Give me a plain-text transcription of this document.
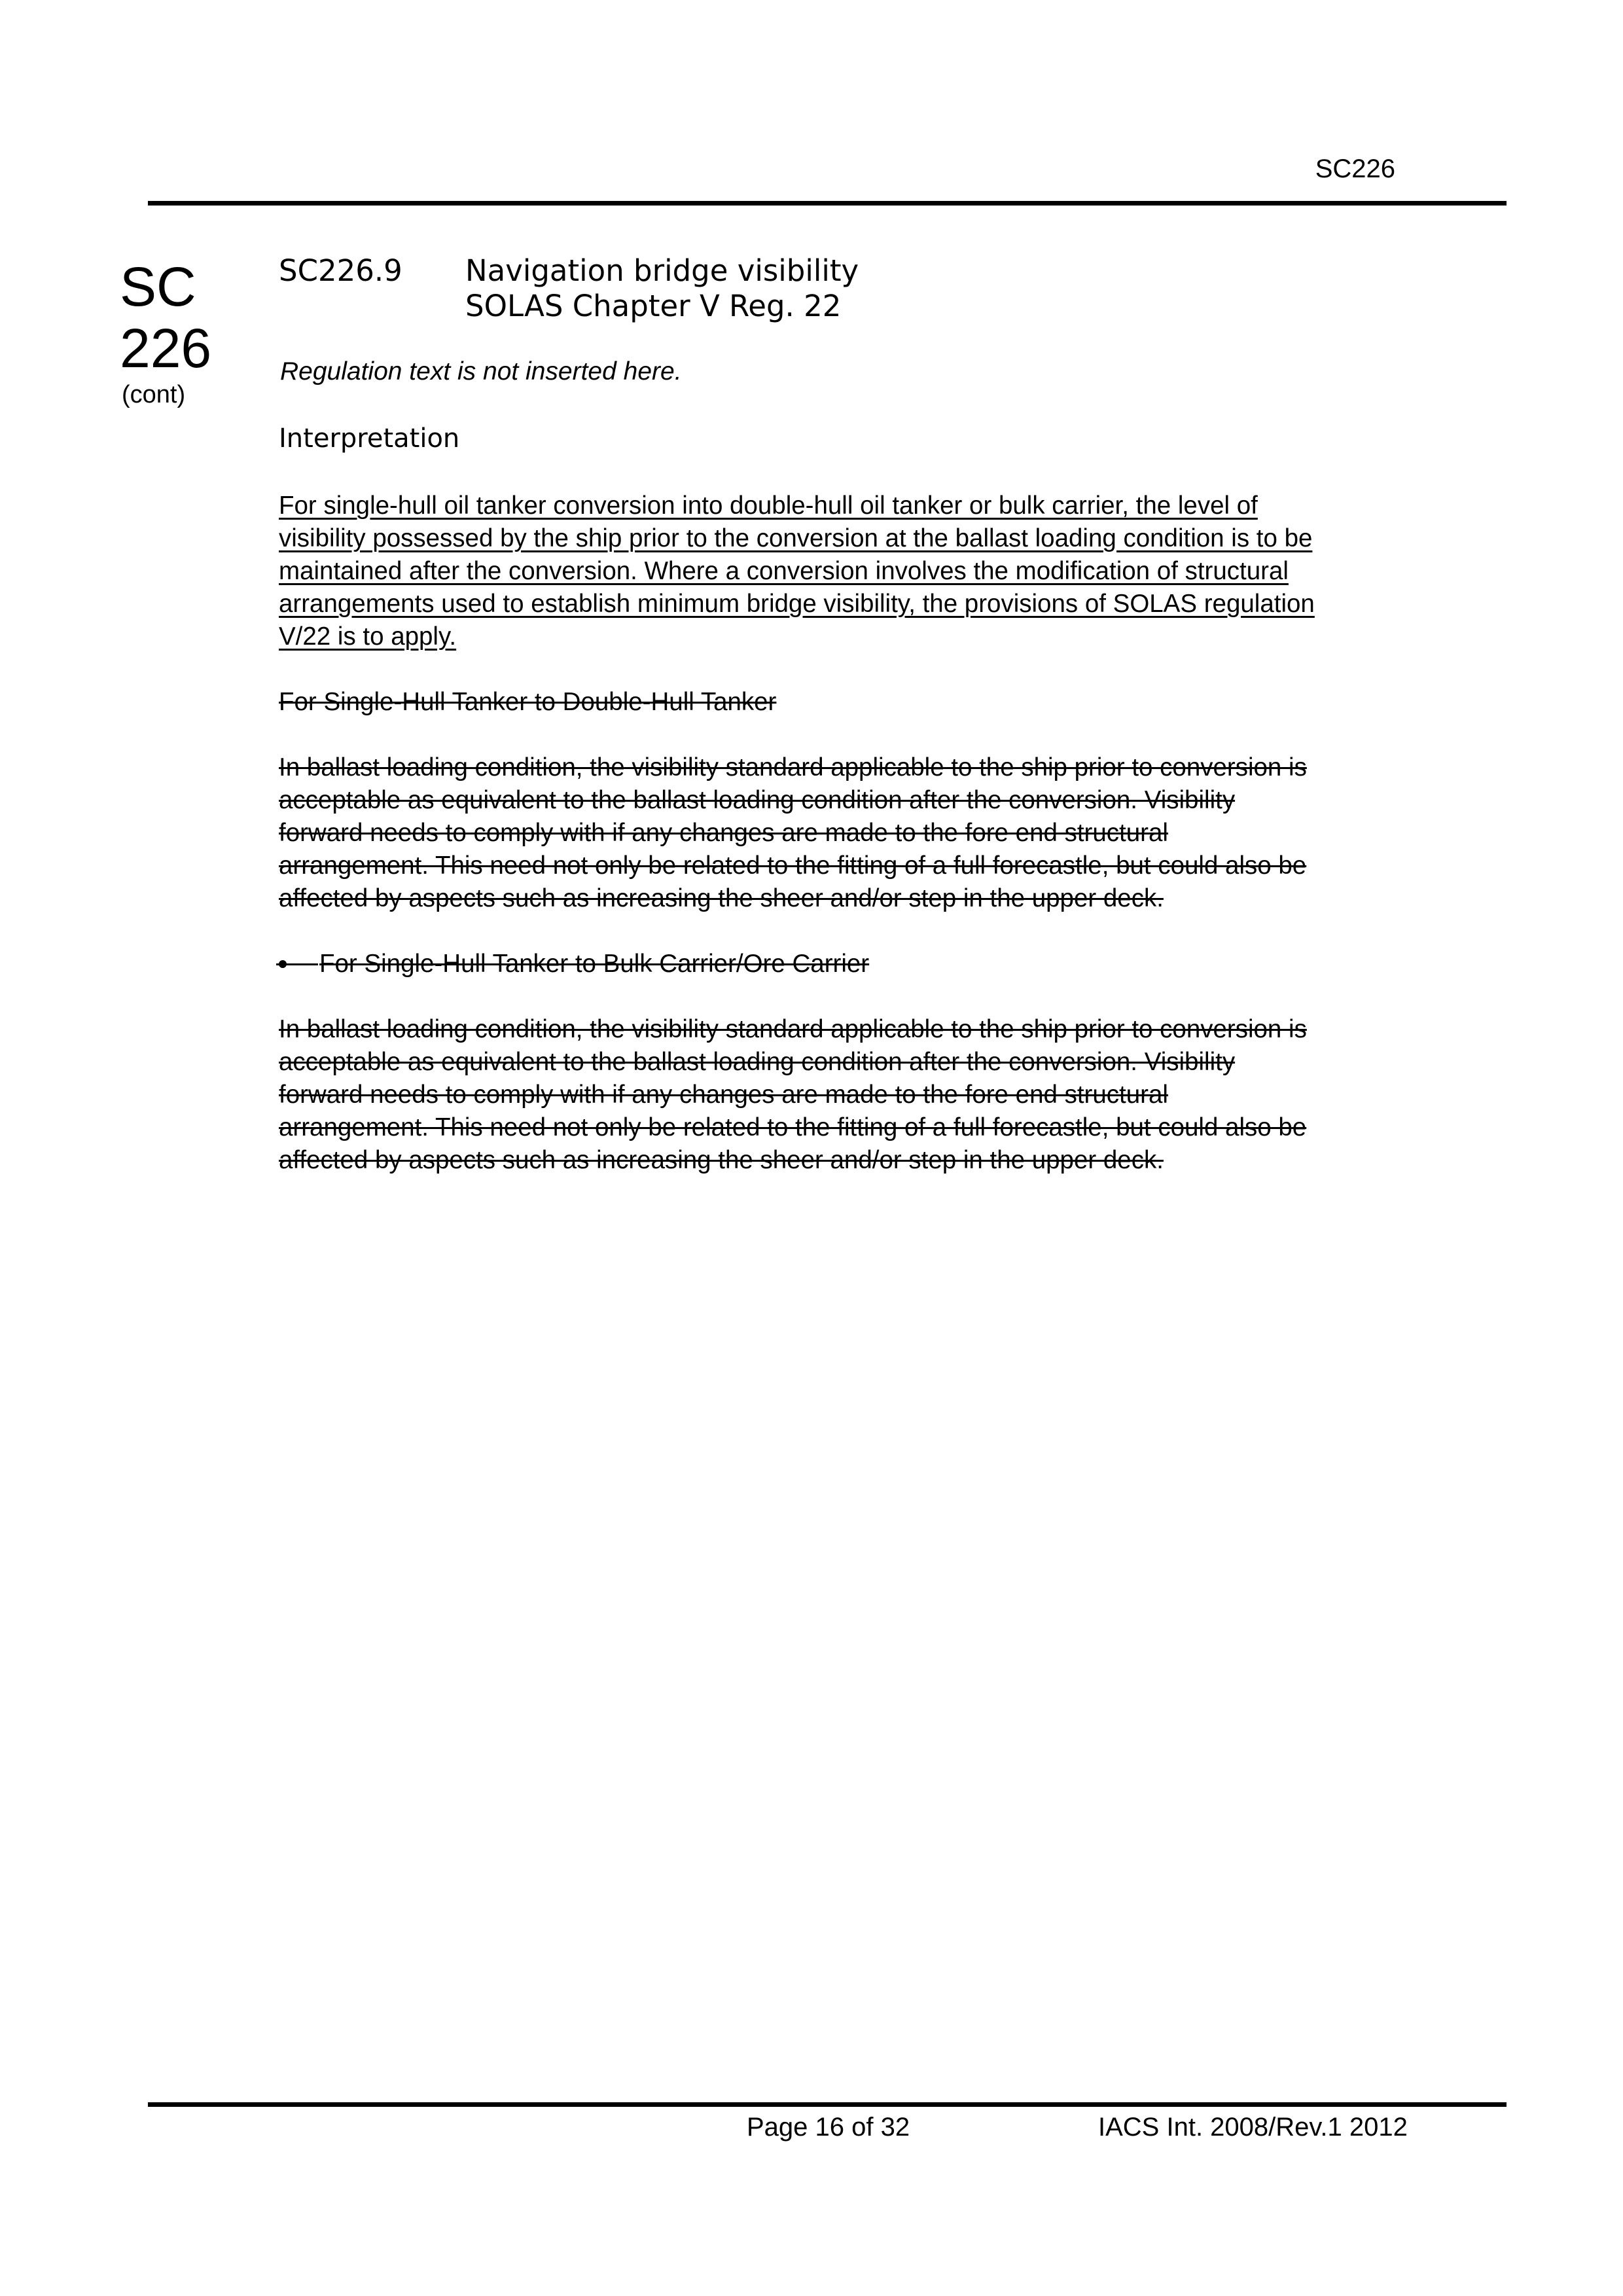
SC226
SC
226
(cont)
SC226.9 Navigation bridge visibility
SOLAS Chapter V Reg. 22
Regulation text is not inserted here.
Interpretation

For single-hull oil tanker conversion into double-hull oil tanker or bulk carrier, the level of
visibility possessed by the ship prior to the conversion at the ballast loading condition is to be
maintained after the conversion. Where a conversion involves the modification of structural
arrangements used to establish minimum bridge visibility, the provisions of SOLAS regulation
V/22 is to apply.

For Single-Hull Tanker to Double-Hull Tanker

In ballast loading condition, the visibility standard applicable to the ship prior to conversion is
acceptable as equivalent to the ballast loading condition after the conversion. Visibility
forward needs to comply with if any changes are made to the fore end structural
arrangement. This need not only be related to the fitting of a full forecastle, but could also be
affected by aspects such as increasing the sheer and/or step in the upper deck.

For Single-Hull Tanker to Bulk Carrier/Ore Carrier

In ballast loading condition, the visibility standard applicable to the ship prior to conversion is
acceptable as equivalent to the ballast loading condition after the conversion. Visibility
forward needs to comply with if any changes are made to the fore end structural
arrangement. This need not only be related to the fitting of a full forecastle, but could also be
affected by aspects such as increasing the sheer and/or step in the upper deck.

Page 16 of 32	IACS Int. 2008/Rev.1 2012
